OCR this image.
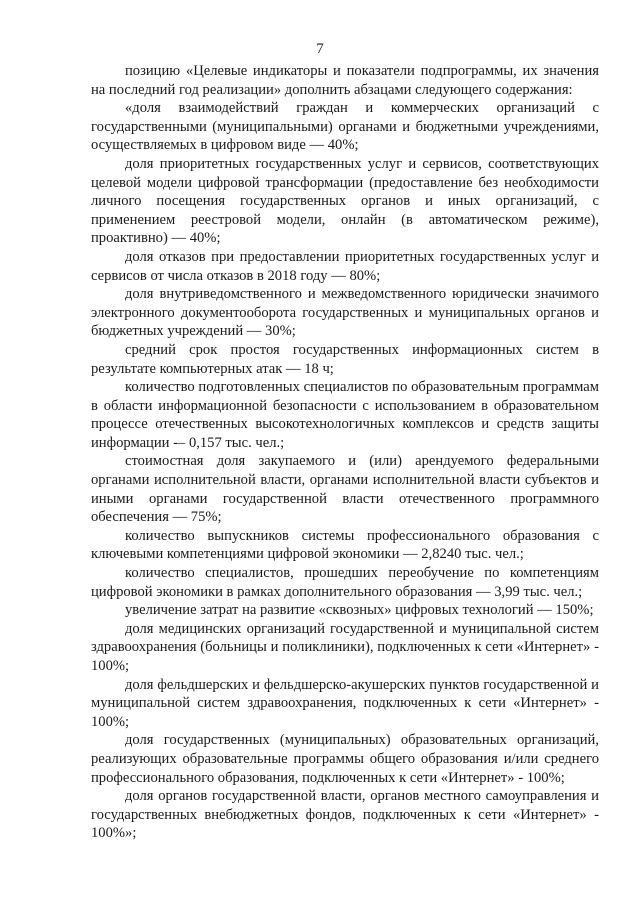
7

позицию «Целевые индикаторы и показатели подпрограммы, их значения на последний год реализации» дополнить абзацами следующего содержания:

«доля взаимодействий граждан и коммерческих организаций с государственными (муниципальными) органами и бюджетными учреждениями, осуществляемых в цифровом виде — 40%;

доля приоритетных государственных услуг и сервисов, соответствующих целевой модели цифровой трансформации (предоставление без необходимости личного посещения государственных органов и иных организаций, с применением реестровой модели, онлайн (в автоматическом режиме), проактивно) — 40%;

доля отказов при предоставлении приоритетных государственных услуг и сервисов от числа отказов в 2018 году — 80%;

доля внутриведомственного и межведомственного юридически значимого электронного документооборота государственных и муниципальных органов и бюджетных учреждений — 30%;

средний срок простоя государственных информационных систем в результате компьютерных атак — 18 ч;

количество подготовленных специалистов по образовательным программам в области информационной безопасности с использованием в образовательном процессе отечественных высокотехнологичных комплексов и средств защиты информации -– 0,157 тыс. чел.;

стоимостная доля закупаемого и (или) арендуемого федеральными органами исполнительной власти, органами исполнительной власти субъектов и иными органами государственной власти отечественного программного обеспечения — 75%;

количество выпускников системы профессионального образования с ключевыми компетенциями цифровой экономики — 2,8240 тыс. чел.;

количество специалистов, прошедших переобучение по компетенциям цифровой экономики в рамках дополнительного образования — 3,99 тыс. чел.;

увеличение затрат на развитие «сквозных» цифровых технологий — 150%;

доля медицинских организаций государственной и муниципальной систем здравоохранения (больницы и поликлиники), подключенных к сети «Интернет» - 100%;

доля фельдшерских и фельдшерско-акушерских пунктов государственной и муниципальной систем здравоохранения, подключенных к сети «Интернет» - 100%;

доля государственных (муниципальных) образовательных организаций, реализующих образовательные программы общего образования и/или среднего профессионального образования, подключенных к сети «Интернет» - 100%;

доля органов государственной власти, органов местного самоуправления и государственных внебюджетных фондов, подключенных к сети «Интернет» - 100%»;
